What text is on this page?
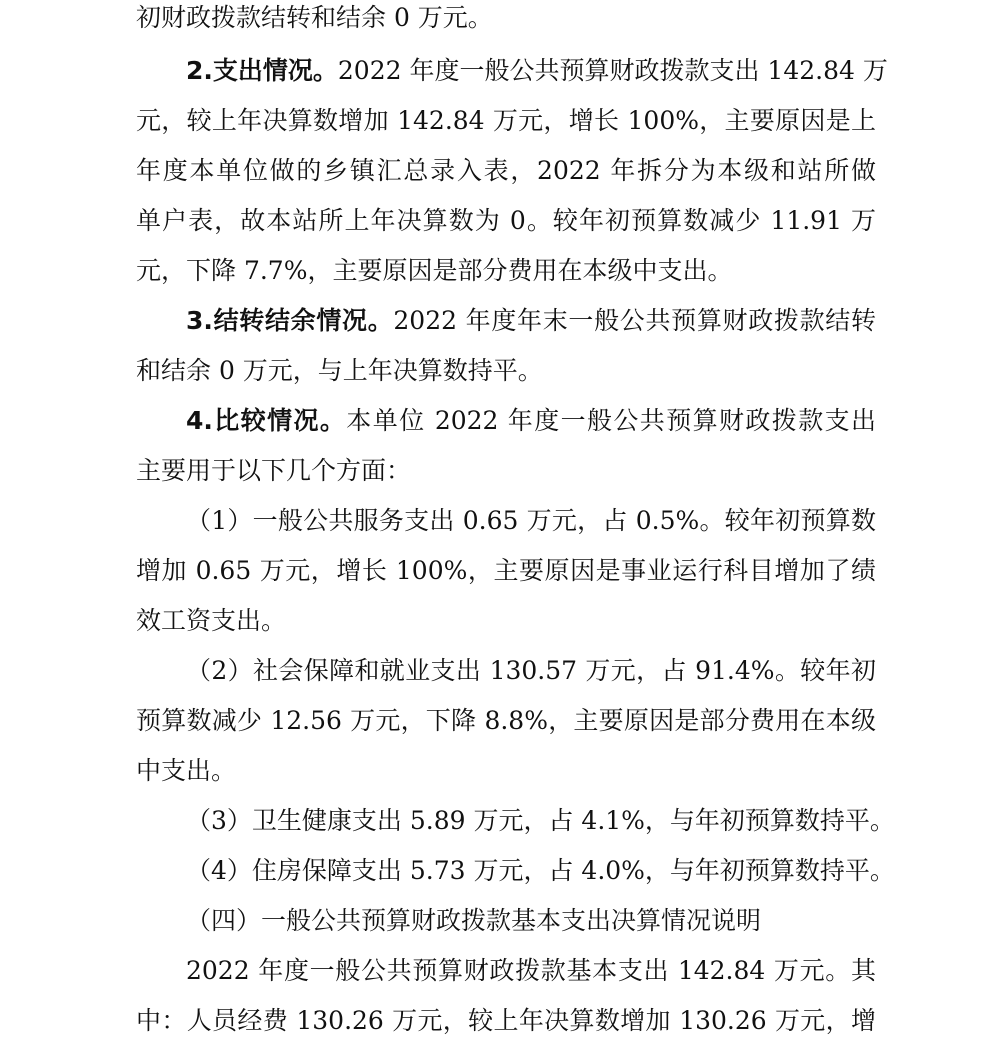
初财政拨款结转和结余 0 万元。
2.支出情况。2022 年度一般公共预算财政拨款支出 142.84 万
元，较上年决算数增加 142.84 万元，增长 100%，主要原因是上
年度本单位做的乡镇汇总录入表，2022 年拆分为本级和站所做
单户表，故本站所上年决算数为 0。较年初预算数减少 11.91 万
元，下降 7.7%，主要原因是部分费用在本级中支出。
3.结转结余情况。2022 年度年末一般公共预算财政拨款结转
和结余 0 万元，与上年决算数持平。
4.比较情况。本单位 2022 年度一般公共预算财政拨款支出
主要用于以下几个方面：
（1）一般公共服务支出 0.65 万元，占 0.5%。较年初预算数
增加 0.65 万元，增长 100%，主要原因是事业运行科目增加了绩
效工资支出。
（2）社会保障和就业支出 130.57 万元，占 91.4%。较年初
预算数减少 12.56 万元，下降 8.8%，主要原因是部分费用在本级
中支出。
（3）卫生健康支出 5.89 万元，占 4.1%，与年初预算数持平。
（4）住房保障支出 5.73 万元，占 4.0%，与年初预算数持平。
（四）一般公共预算财政拨款基本支出决算情况说明
2022 年度一般公共预算财政拨款基本支出 142.84 万元。其
中：人员经费 130.26 万元，较上年决算数增加 130.26 万元，增
